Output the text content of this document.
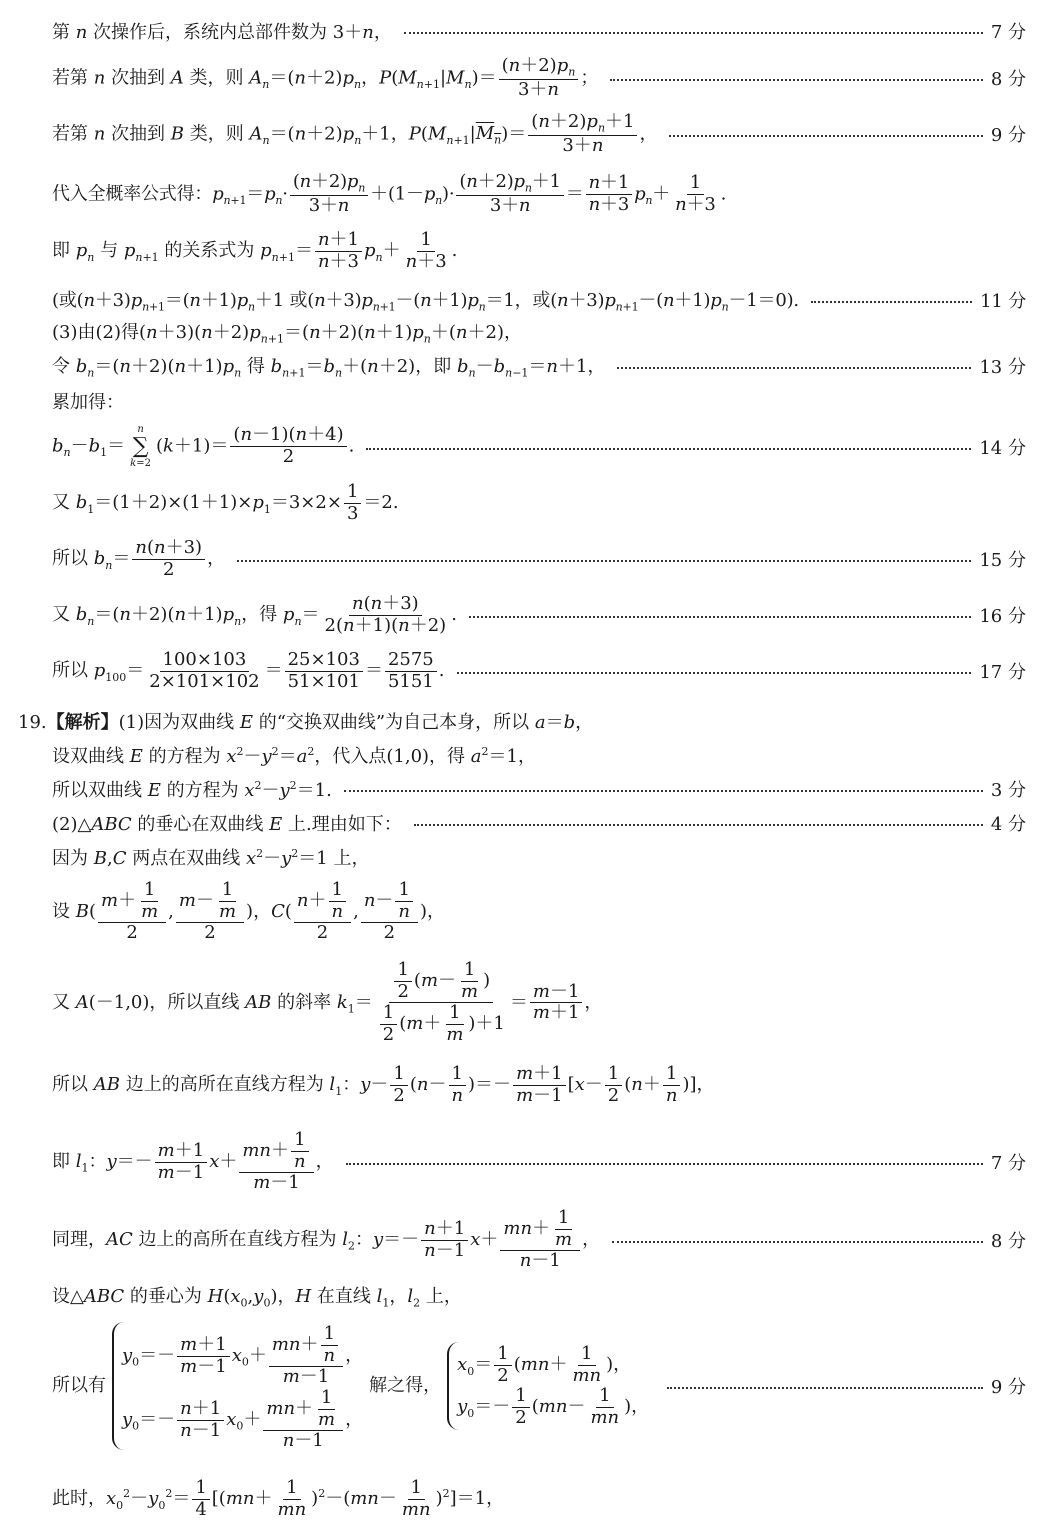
第 n 次操作后，系统内总部件数为 3＋n，	7 分
若第 n 次抽到 A 类，则 $A_n=(n+2)p_n$，$P(M_{n+1}|M_n)= \frac{(n+2)p_n}{3+n}$ ；	8 分
若第 n 次抽到 B 类，则 $A_n=(n+2)p_n+1$，$P(M_{n+1}|M_n)= \frac{(n+2)p_n+1}{3+n}$ ，	9 分
代入全概率公式得：$p_{n+1}=p_n\cdot \frac{(n+2)p_n}{3+n} +(1-p_n)\cdot \frac{(n+2)p_n+1}{3+n} = \frac{n+1}{n+3} p_n+ \frac{1}{n+3}$ .
即 $p_n$ 与 $p_{n+1}$ 的关系式为 $p_{n+1}= \frac{n+1}{n+3} p_n+ \frac{1}{n+3}$ .
(或$(n+3)p_{n+1}=(n+1)p_n+1$ 或$(n+3)p_{n+1}-(n+1)p_n=1$，或$(n+3)p_{n+1}-(n+1)p_n-1=0$).	11 分
(3)由(2)得$(n+3)(n+2)p_{n+1}=(n+2)(n+1)p_n+(n+2)$，
令 $b_n=(n+2)(n+1)p_n$ 得 $b_{n+1}=b_n+(n+2)$，即 $b_n-b_{n-1}=n+1$，	13 分
累加得：
$b_n-b_1=$
n
∑
k=2
$(k+1)= \frac{(n-1)(n+4)}{2}$ .	14 分
又 $b_1=(1+2)\times(1+1)\times p_1=3\times 2\times \frac{1}{3} =2$.
所以 $b_n= \frac{n(n+3)}{2}$ ，	15 分
又 $b_n=(n+2)(n+1)p_n$，得 $p_n= \frac{n(n+3)}{2(n+1)(n+2)}$ .	16 分
所以 $p_{100}= \frac{100\times 103}{2\times 101\times 102} = \frac{25\times 103}{51\times 101} = \frac{2575}{5151}$ .	17 分
19.【解析】(1)因为双曲线 E 的“交换双曲线”为自己本身，所以 a＝b，
设双曲线 E 的方程为 $x^2-y^2=a^2$，代入点(1,0)，得 $a^2=1$，
所以双曲线 E 的方程为 $x^2-y^2=1$.	3 分
(2)△ABC 的垂心在双曲线 E 上.理由如下：	4 分
因为 B,C 两点在双曲线 $x^2-y^2=1$ 上，
设 $B( \frac{m+ \frac{1}{m}}{2}$ , $\frac{m- \frac{1}{m}}{2}$ )，$C( \frac{n+ \frac{1}{n}}{2}$ , $\frac{n- \frac{1}{n}}{2}$ )，
又 A(－1,0)，所以直线 AB 的斜率 $k_1= \frac{\frac{1}{2} (m- \frac{1}{m} )}{\frac{1}{2} (m+ \frac{1}{m} )+1} = \frac{m-1}{m+1}$ ，
所以 AB 边上的高所在直线方程为 $l_1$：$y- \frac{1}{2} (n- \frac{1}{n}$ )＝－ $\frac{m+1}{m-1} [x- \frac{1}{2} (n+ \frac{1}{n}$ )]，
即 $l_1$：$y=- \frac{m+1}{m-1} x+ \frac{mn+ \frac{1}{n}}{m-1}$ ，	7 分
同理，AC 边上的高所在直线方程为 $l_2$：$y=- \frac{n+1}{n-1} x+ \frac{mn+ \frac{1}{m}}{n-1}$ ，	8 分
设△ABC 的垂心为 $H(x_0,y_0)$，H 在直线 $l_1$，$l_2$ 上，
所以有
$y_0=- \frac{m+1}{m-1} x_0+ \frac{mn+ \frac{1}{n}}{m-1}$ ，
$y_0=- \frac{n+1}{n-1} x_0+ \frac{mn+ \frac{1}{m}}{n-1}$ ，
解之得，
$x_0= \frac{1}{2} (mn+ \frac{1}{mn}$ )，
$y_0=- \frac{1}{2} (mn- \frac{1}{mn}$ )，
9 分
此时，$x_0^2-y_0^2= \frac{1}{4} [(mn+ \frac{1}{mn} )^2-(mn- \frac{1}{mn} )^2]=1$，
